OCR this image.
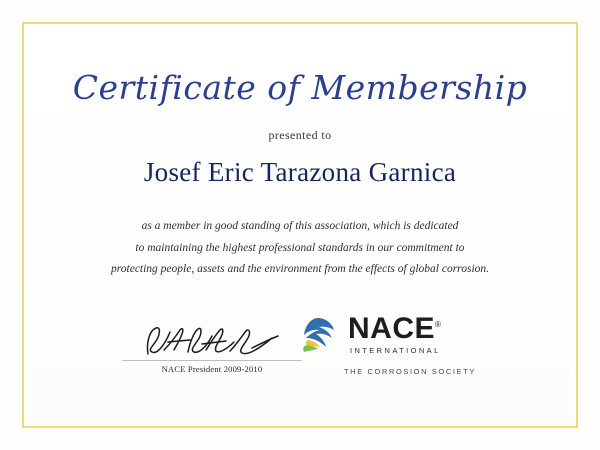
Certificate of Membership
presented to
Josef Eric Tarazona Garnica
as a member in good standing of this association, which is dedicated
to maintaining the highest professional standards in our commitment to
protecting people, assets and the environment from the effects of global corrosion.
NACE President 2009-2010
NACE®
INTERNATIONAL
THE CORROSION SOCIETY
